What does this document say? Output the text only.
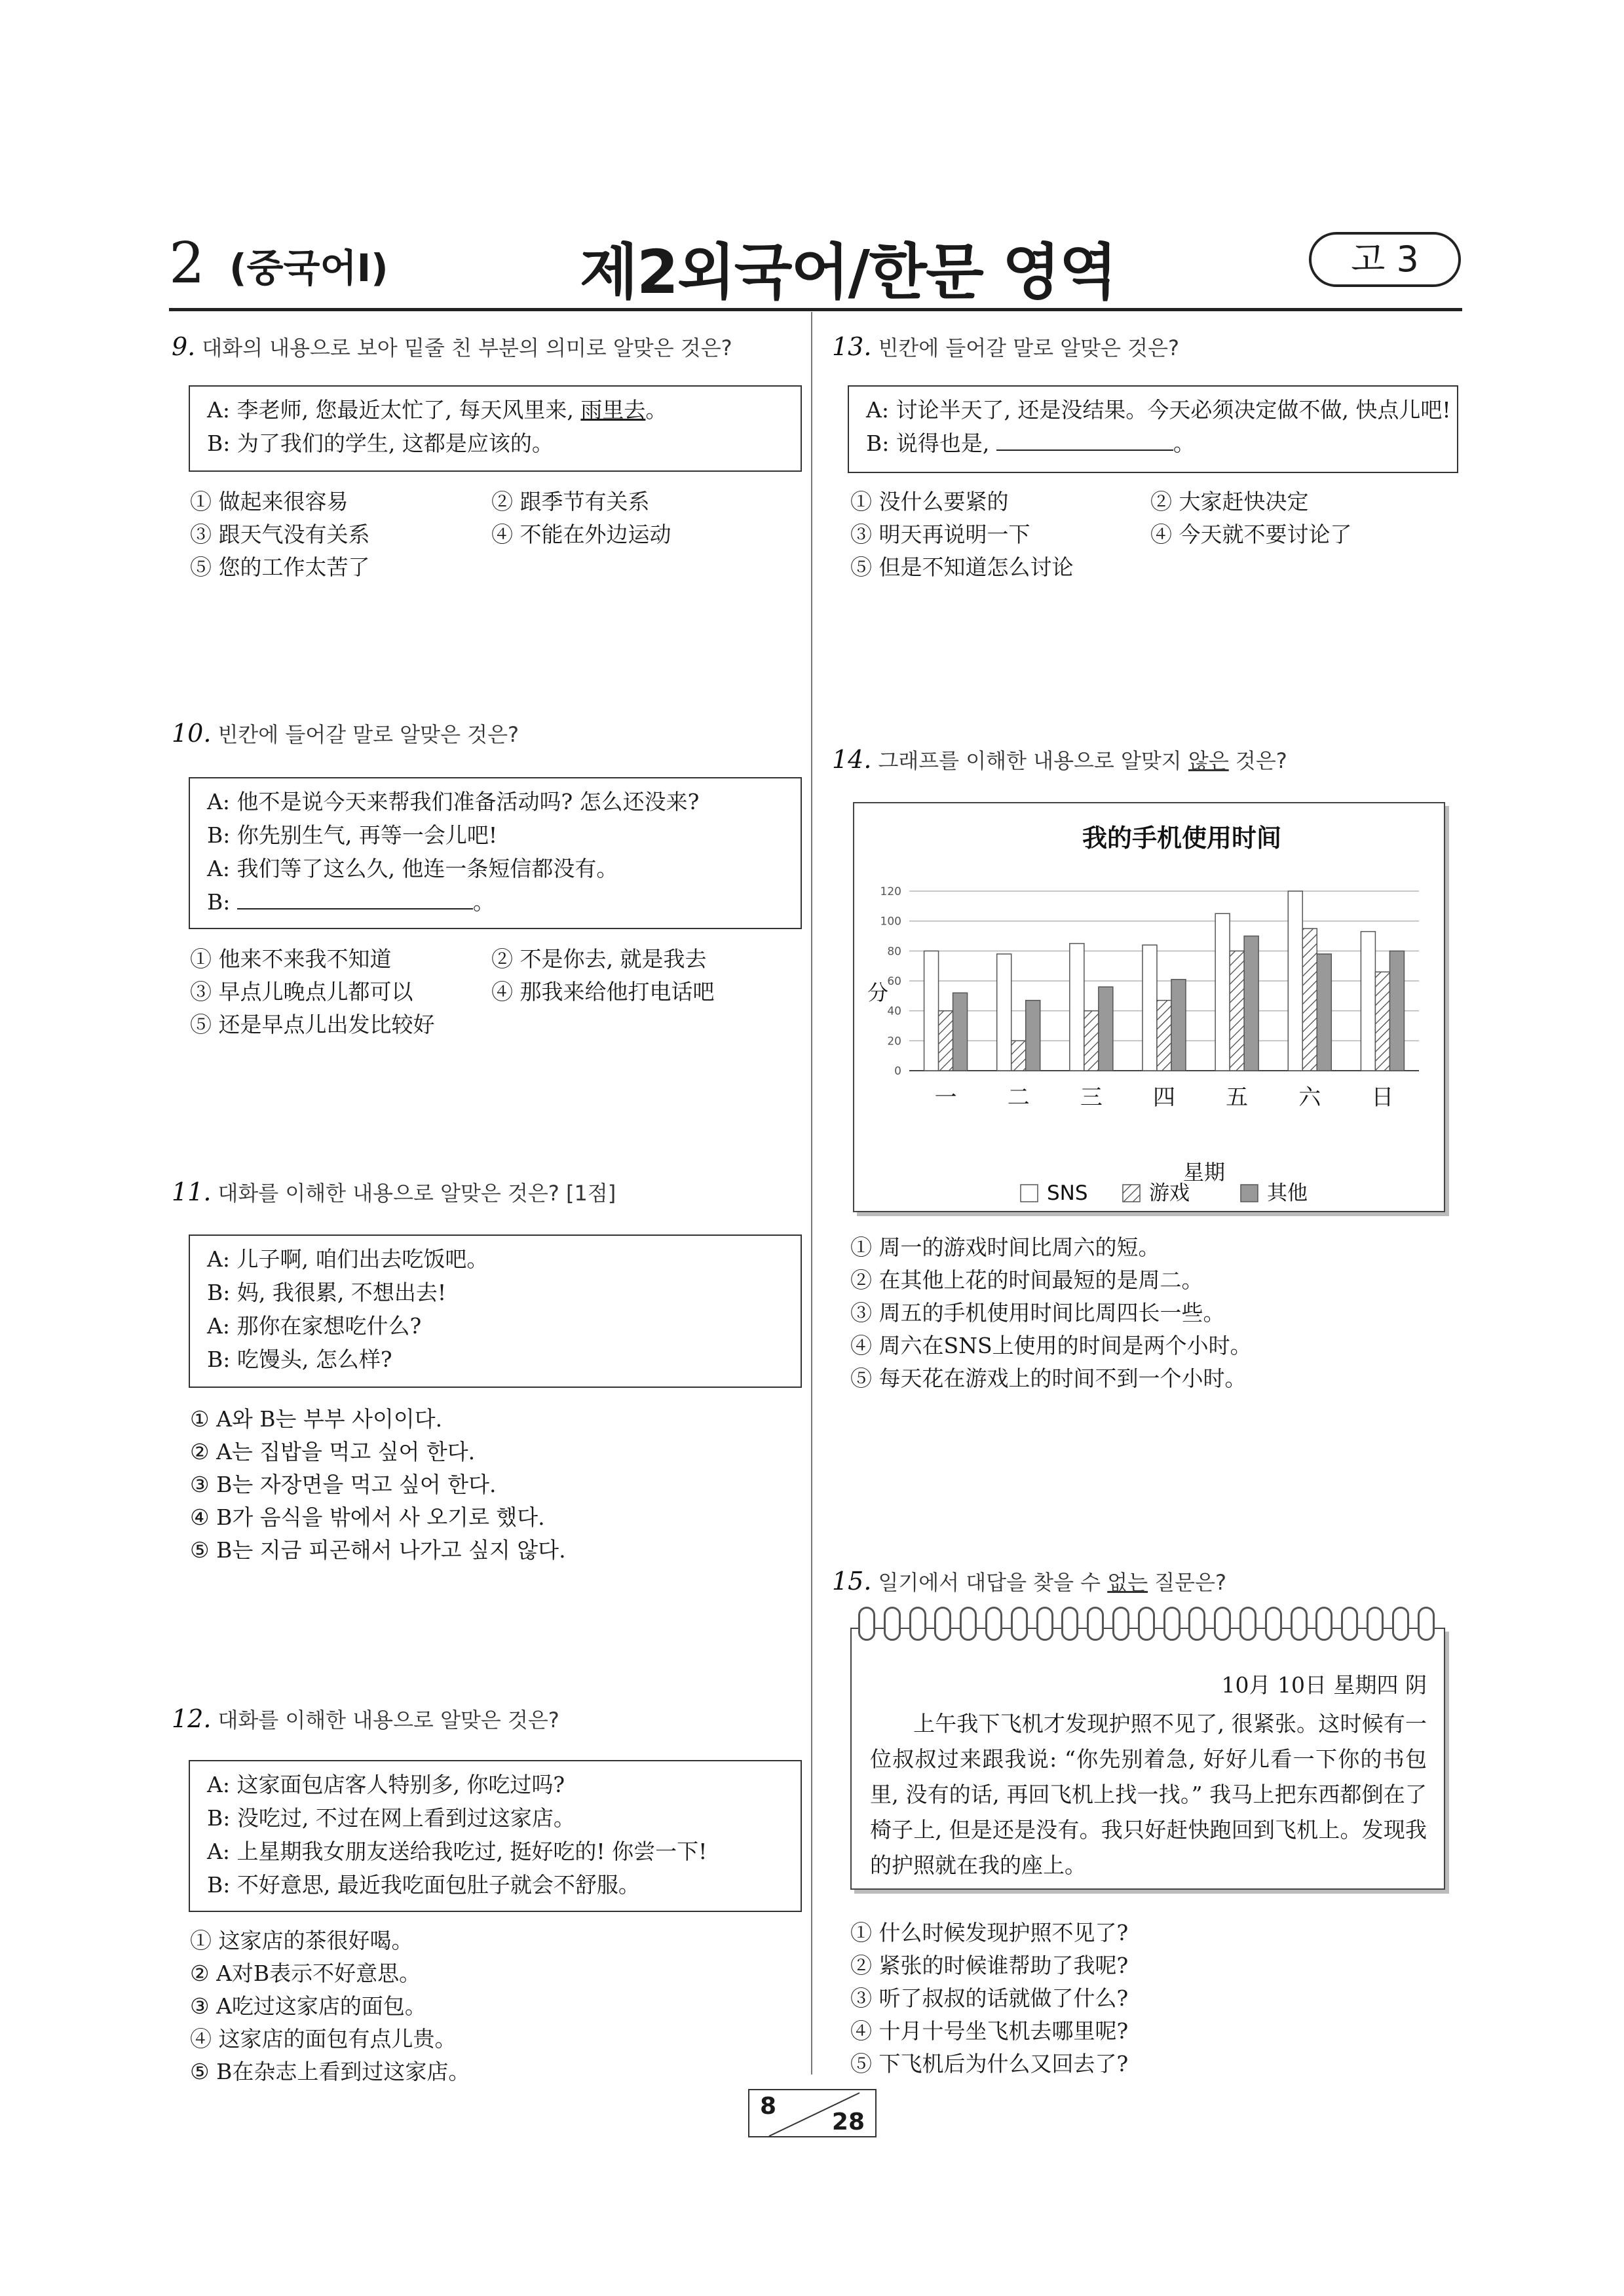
2 (중국어Ⅰ)	제2외국어/한문 영역	고 3
9. 대화의 내용으로 보아 밑줄 친 부분의 의미로 알맞은 것은?
A: 李老师, 您最近太忙了, 每天风里来, 雨里去。
B: 为了我们的学生, 这都是应该的。
① 做起来很容易	② 跟季节有关系
③ 跟天气没有关系	④ 不能在外边运动
⑤ 您的工作太苦了
10. 빈칸에 들어갈 말로 알맞은 것은?
A: 他不是说今天来帮我们准备活动吗? 怎么还没来?
B: 你先别生气, 再等一会儿吧!
A: 我们等了这么久, 他连一条短信都没有。
B:	。
① 他来不来我不知道	② 不是你去, 就是我去
③ 早点儿晚点儿都可以	④ 那我来给他打电话吧
⑤ 还是早点儿出发比较好
11. 대화를 이해한 내용으로 알맞은 것은? [1점]
A: 儿子啊, 咱们出去吃饭吧。
B: 妈, 我很累, 不想出去!
A: 那你在家想吃什么?
B: 吃馒头, 怎么样?
① A와 B는 부부 사이이다.
② A는 집밥을 먹고 싶어 한다.
③ B는 자장면을 먹고 싶어 한다.
④ B가 음식을 밖에서 사 오기로 했다.
⑤ B는 지금 피곤해서 나가고 싶지 않다.
12. 대화를 이해한 내용으로 알맞은 것은?
A: 这家面包店客人特别多, 你吃过吗?
B: 没吃过, 不过在网上看到过这家店。
A: 上星期我女朋友送给我吃过, 挺好吃的! 你尝一下!
B: 不好意思, 最近我吃面包肚子就会不舒服。
① 这家店的茶很好喝。
② A对B表示不好意思。
③ A吃过这家店的面包。
④ 这家店的面包有点儿贵。
⑤ B在杂志上看到过这家店。
13. 빈칸에 들어갈 말로 알맞은 것은?
A: 讨论半天了, 还是没结果。今天必须决定做不做, 快点儿吧!
B: 说得也是,	。
① 没什么要紧的	② 大家赶快决定
③ 明天再说明一下	④ 今天就不要讨论了
⑤ 但是不知道怎么讨论
14. 그래프를 이해한 내용으로 알맞지 않은 것은?
我的手机使用时间
0
20
40
60
80
100
120
一 二 三 四 五 六 日
分
星期
SNS	游戏	其他
① 周一的游戏时间比周六的短。
② 在其他上花的时间最短的是周二。
③ 周五的手机使用时间比周四长一些。
④ 周六在SNS上使用的时间是两个小时。
⑤ 每天花在游戏上的时间不到一个小时。
15. 일기에서 대답을 찾을 수 없는 질문은?
10月 10日 星期四 阴
上午我下飞机才发现护照不见了, 很紧张。这时候有一位叔叔过来跟我说: “你先别着急, 好好儿看一下你的书包里, 没有的话, 再回飞机上找一找。” 我马上把东西都倒在了椅子上, 但是还是没有。我只好赶快跑回到飞机上。发现我的护照就在我的座上。
① 什么时候发现护照不见了?
② 紧张的时候谁帮助了我呢?
③ 听了叔叔的话就做了什么?
④ 十月十号坐飞机去哪里呢?
⑤ 下飞机后为什么又回去了?
8
28
